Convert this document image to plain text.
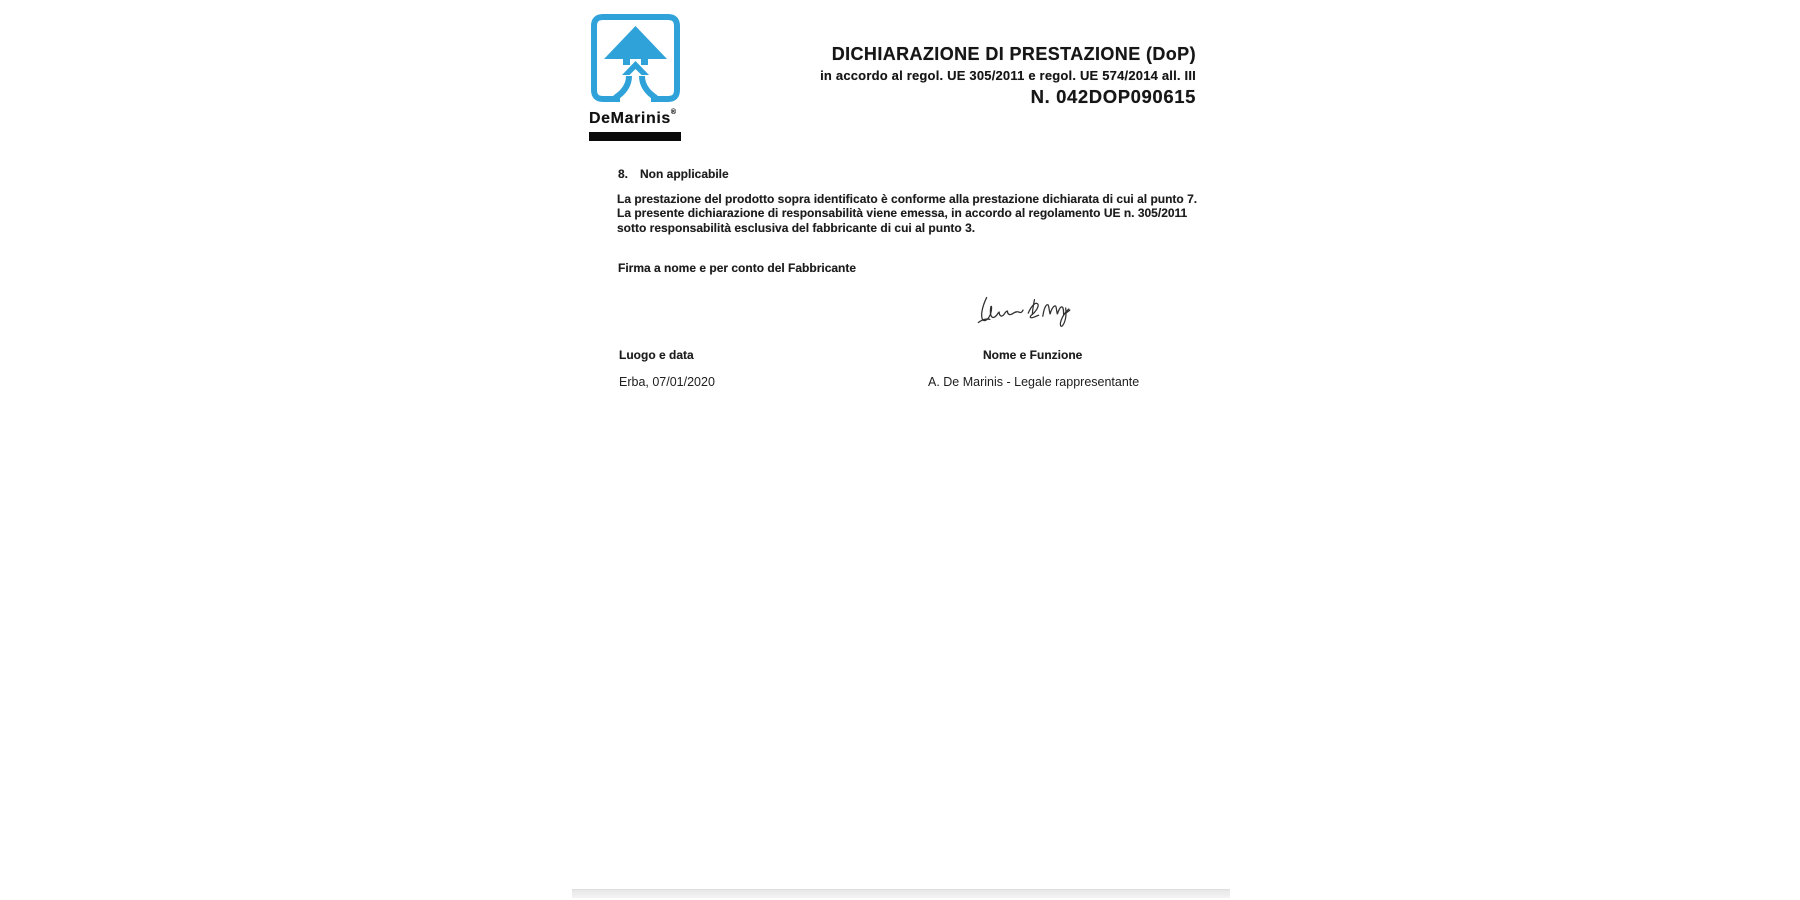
DeMarinis®
DICHIARAZIONE DI PRESTAZIONE (DoP)
in accordo al regol. UE 305/2011 e regol. UE 574/2014 all. III
N. 042DOP090615
8. Non applicabile
La prestazione del prodotto sopra identificato è conforme alla prestazione dichiarata di cui al punto 7.
La presente dichiarazione di responsabilità viene emessa, in accordo al regolamento UE n. 305/2011
sotto responsabilità esclusiva del fabbricante di cui al punto 3.
Firma a nome e per conto del Fabbricante
Luogo e data	Nome e Funzione
Erba, 07/01/2020	A. De Marinis - Legale rappresentante
